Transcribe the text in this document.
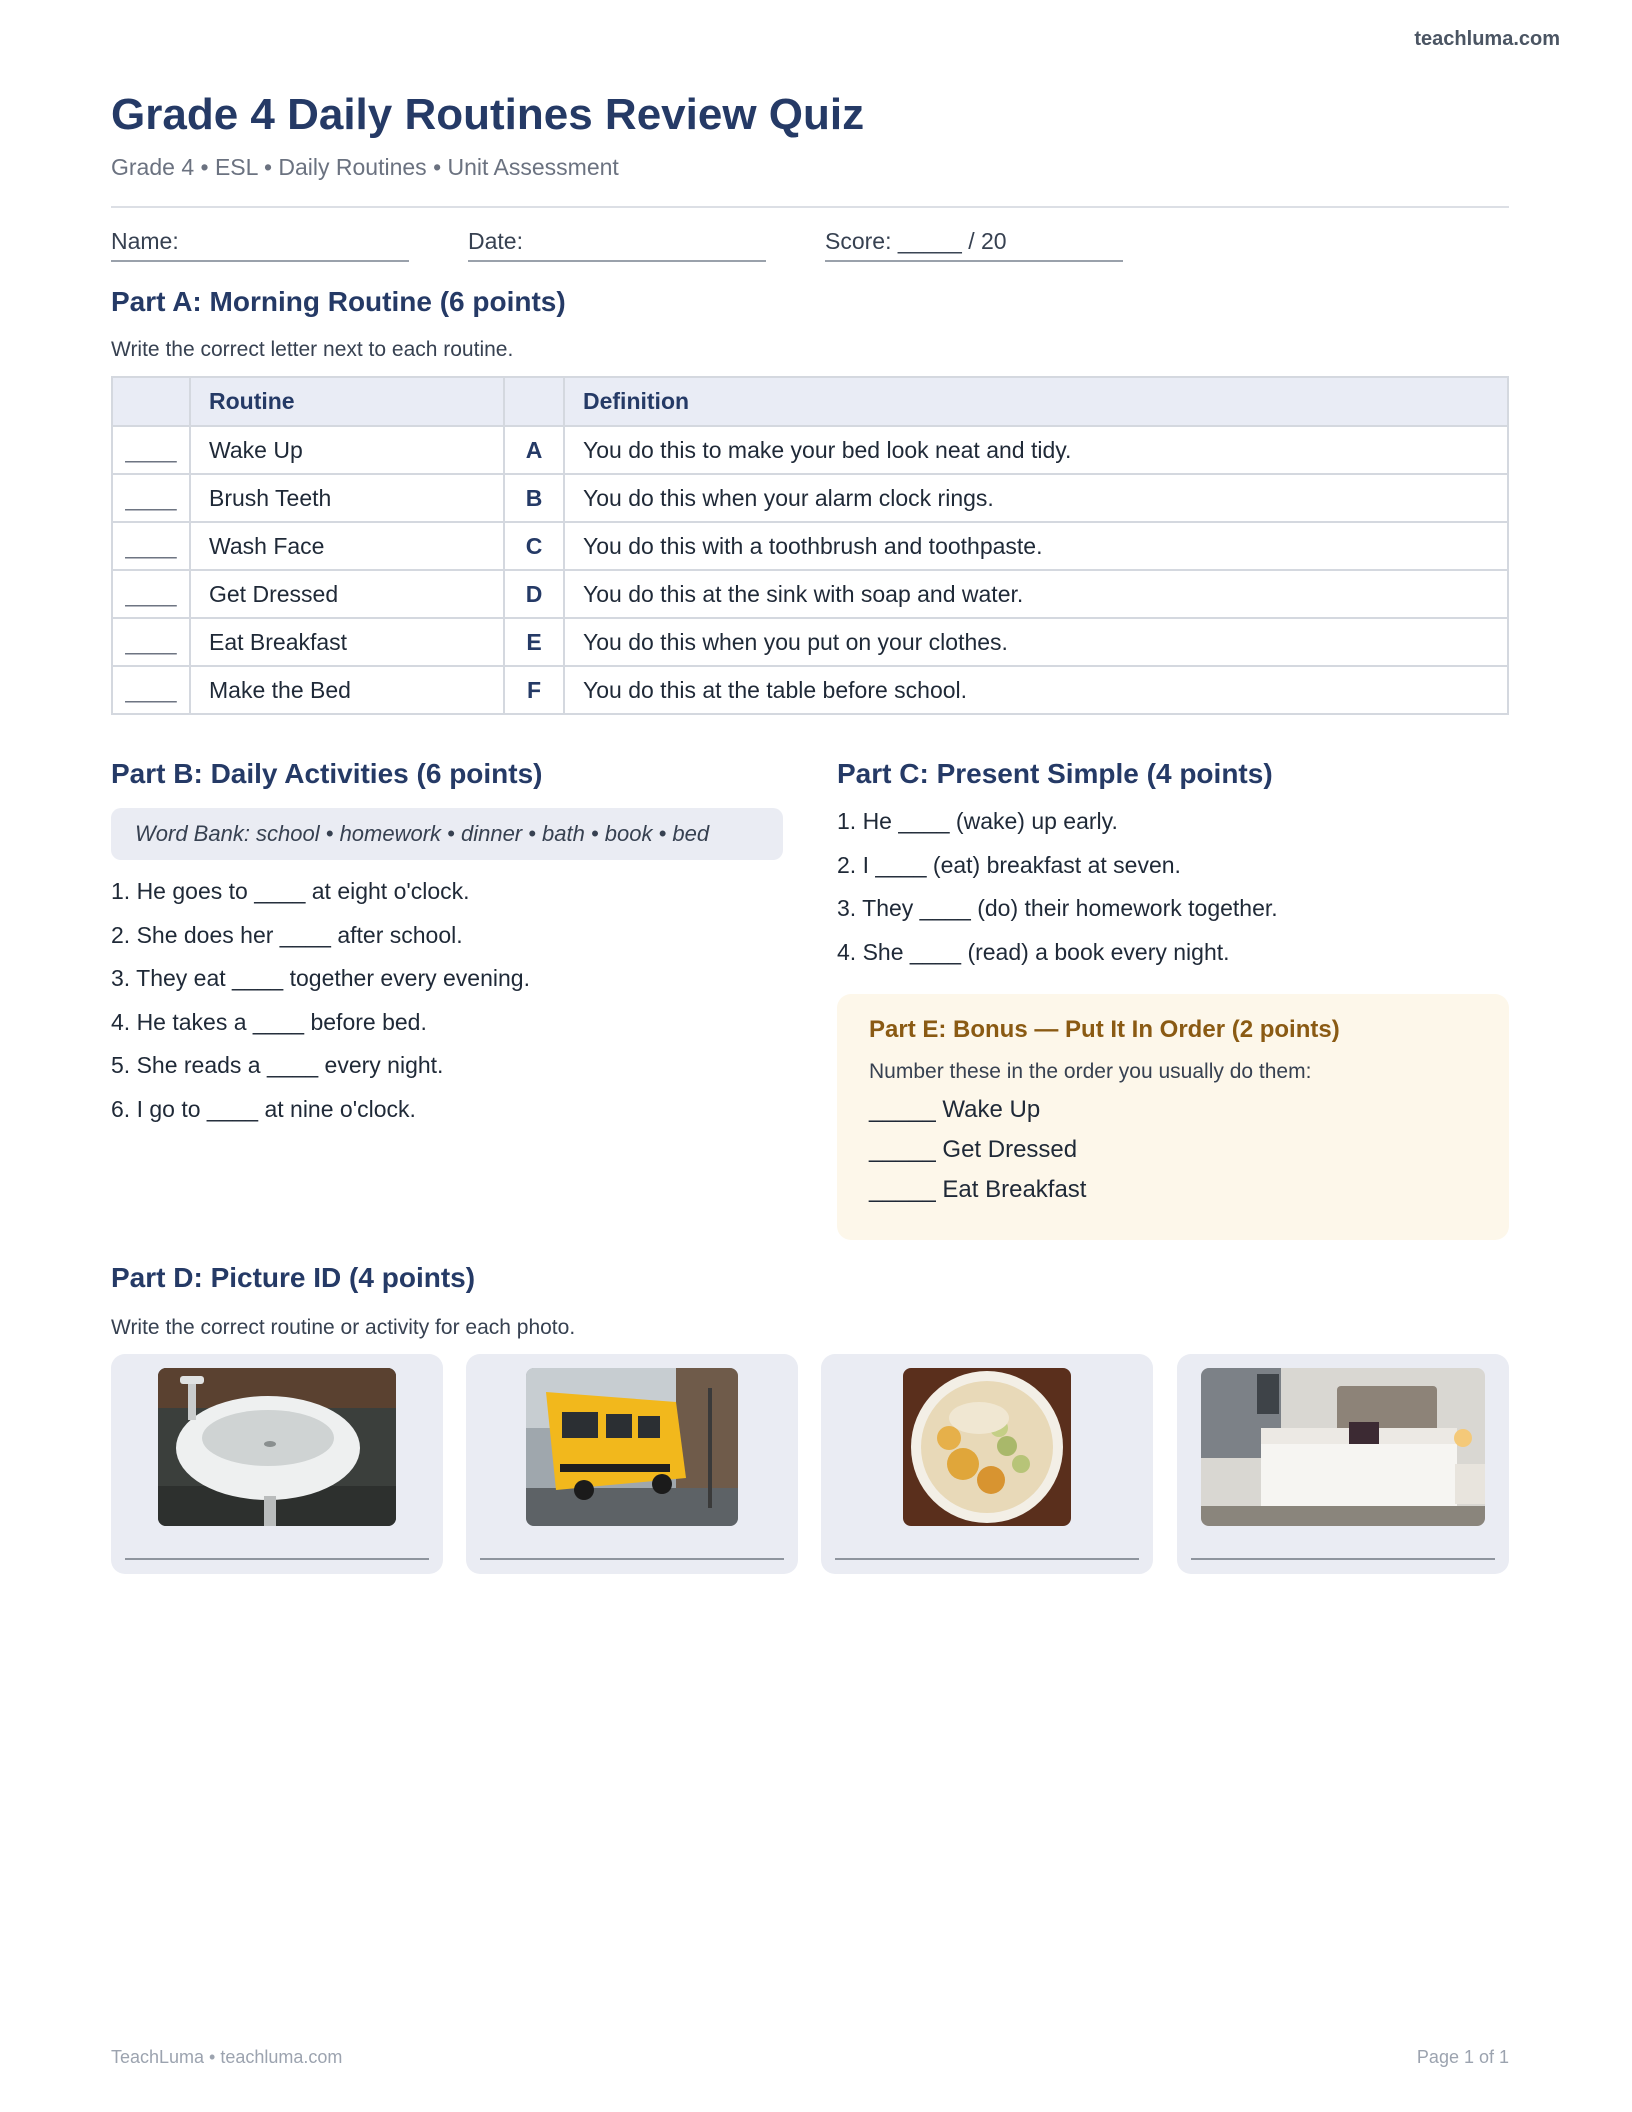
teachluma.com
Grade 4 Daily Routines Review Quiz
Grade 4 • ESL • Daily Routines • Unit Assessment
Name:	Date:	Score: _____ / 20
Part A: Morning Routine (6 points)
Write the correct letter next to each routine.
	Routine		Definition
____	Wake Up	A	You do this to make your bed look neat and tidy.
____	Brush Teeth	B	You do this when your alarm clock rings.
____	Wash Face	C	You do this with a toothbrush and toothpaste.
____	Get Dressed	D	You do this at the sink with soap and water.
____	Eat Breakfast	E	You do this when you put on your clothes.
____	Make the Bed	F	You do this at the table before school.
Part B: Daily Activities (6 points)
Word Bank: school • homework • dinner • bath • book • bed
1. He goes to ____ at eight o'clock.
2. She does her ____ after school.
3. They eat ____ together every evening.
4. He takes a ____ before bed.
5. She reads a ____ every night.
6. I go to ____ at nine o'clock.
Part C: Present Simple (4 points)
1. He ____ (wake) up early.
2. I ____ (eat) breakfast at seven.
3. They ____ (do) their homework together.
4. She ____ (read) a book every night.
Part E: Bonus — Put It In Order (2 points)
Number these in the order you usually do them:
_____ Wake Up
_____ Get Dressed
_____ Eat Breakfast
Part D: Picture ID (4 points)
Write the correct routine or activity for each photo.
TeachLuma • teachluma.com	Page 1 of 1
